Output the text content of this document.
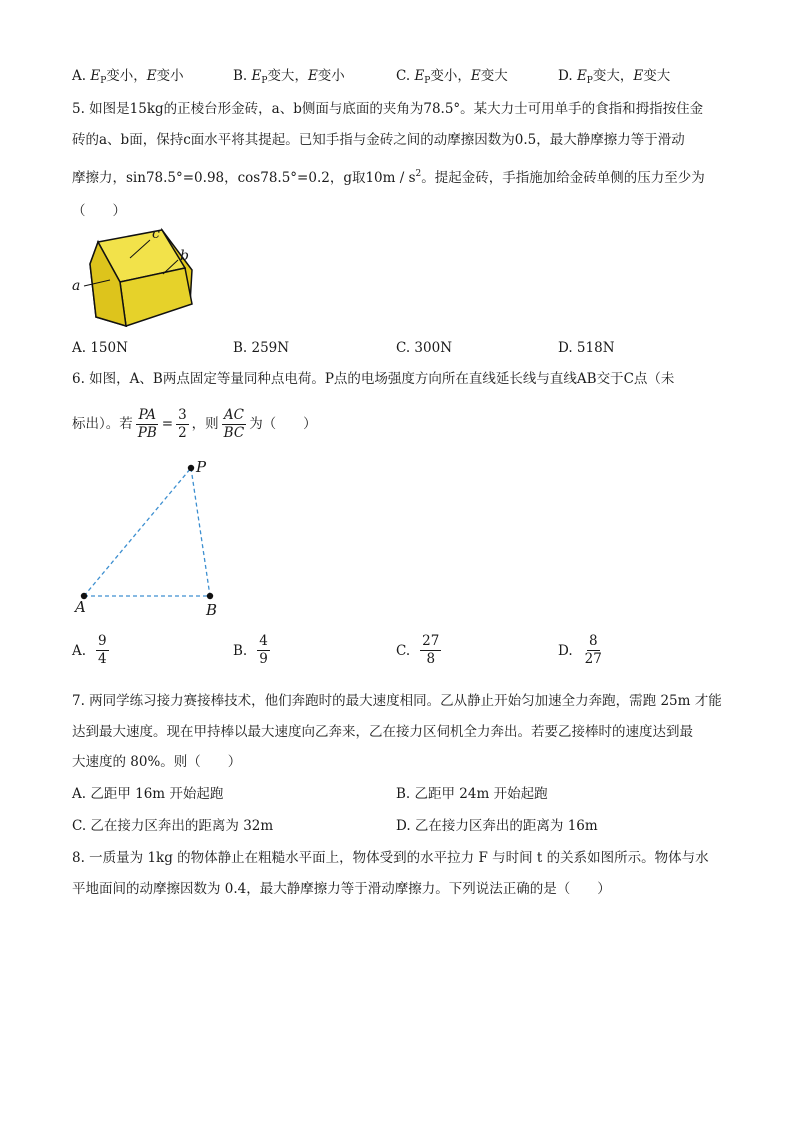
A. $E_P$变小，E变小	B. $E_P$变大，E变小	C. $E_P$变小，E变大	D. $E_P$变大，E变大
5. 如图是15kg的正棱台形金砖，a、b侧面与底面的夹角为78.5°。某大力士可用单手的食指和拇指按住金
砖的a、b面，保持c面水平将其提起。已知手指与金砖之间的动摩擦因数为0.5，最大静摩擦力等于滑动
摩擦力，sin78.5°=0.98，cos78.5°=0.2，g取$10m / s^2$。提起金砖，手指施加给金砖单侧的压力至少为
（　　）
c
b
a
A. 150N	B. 259N	C. 300N	D. 518N
6. 如图，A、B两点固定等量同种点电荷。P点的电场强度方向所在直线延长线与直线AB交于C点（未
标出）。若 $\frac{PA}{PB} = \frac{3}{2}$ ，则 $\frac{AC}{BC}$ 为（　　）
P
A	B
A. $\frac{9}{4}$	B. $\frac{4}{9}$	C. $\frac{27}{8}$	D. $\frac{8}{27}$
7. 两同学练习接力赛接棒技术，他们奔跑时的最大速度相同。乙从静止开始匀加速全力奔跑，需跑 25m 才能
达到最大速度。现在甲持棒以最大速度向乙奔来，乙在接力区伺机全力奔出。若要乙接棒时的速度达到最
大速度的 80%。则（　　）
A. 乙距甲 16m 开始起跑	B. 乙距甲 24m 开始起跑
C. 乙在接力区奔出的距离为 32m	D. 乙在接力区奔出的距离为 16m
8. 一质量为 1kg 的物体静止在粗糙水平面上，物体受到的水平拉力 F 与时间 t 的关系如图所示。物体与水
平地面间的动摩擦因数为 0.4，最大静摩擦力等于滑动摩擦力。下列说法正确的是（　　）
